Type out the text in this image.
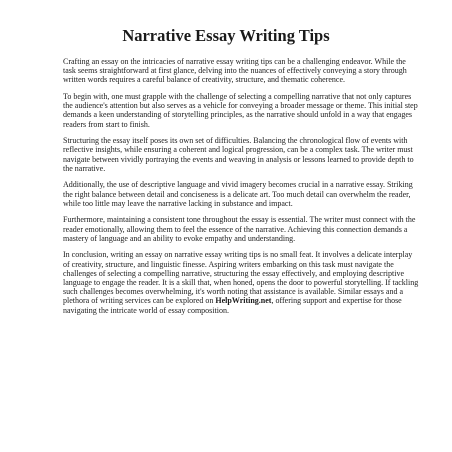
Narrative Essay Writing Tips

Crafting an essay on the intricacies of narrative essay writing tips can be a challenging endeavor. While the task seems straightforward at first glance, delving into the nuances of effectively conveying a story through written words requires a careful balance of creativity, structure, and thematic coherence.

To begin with, one must grapple with the challenge of selecting a compelling narrative that not only captures the audience's attention but also serves as a vehicle for conveying a broader message or theme. This initial step demands a keen understanding of storytelling principles, as the narrative should unfold in a way that engages readers from start to finish.

Structuring the essay itself poses its own set of difficulties. Balancing the chronological flow of events with reflective insights, while ensuring a coherent and logical progression, can be a complex task. The writer must navigate between vividly portraying the events and weaving in analysis or lessons learned to provide depth to the narrative.

Additionally, the use of descriptive language and vivid imagery becomes crucial in a narrative essay. Striking the right balance between detail and conciseness is a delicate art. Too much detail can overwhelm the reader, while too little may leave the narrative lacking in substance and impact.

Furthermore, maintaining a consistent tone throughout the essay is essential. The writer must connect with the reader emotionally, allowing them to feel the essence of the narrative. Achieving this connection demands a mastery of language and an ability to evoke empathy and understanding.

In conclusion, writing an essay on narrative essay writing tips is no small feat. It involves a delicate interplay of creativity, structure, and linguistic finesse. Aspiring writers embarking on this task must navigate the challenges of selecting a compelling narrative, structuring the essay effectively, and employing descriptive language to engage the reader. It is a skill that, when honed, opens the door to powerful storytelling. If tackling such challenges becomes overwhelming, it's worth noting that assistance is available. Similar essays and a plethora of writing services can be explored on HelpWriting.net, offering support and expertise for those navigating the intricate world of essay composition.
